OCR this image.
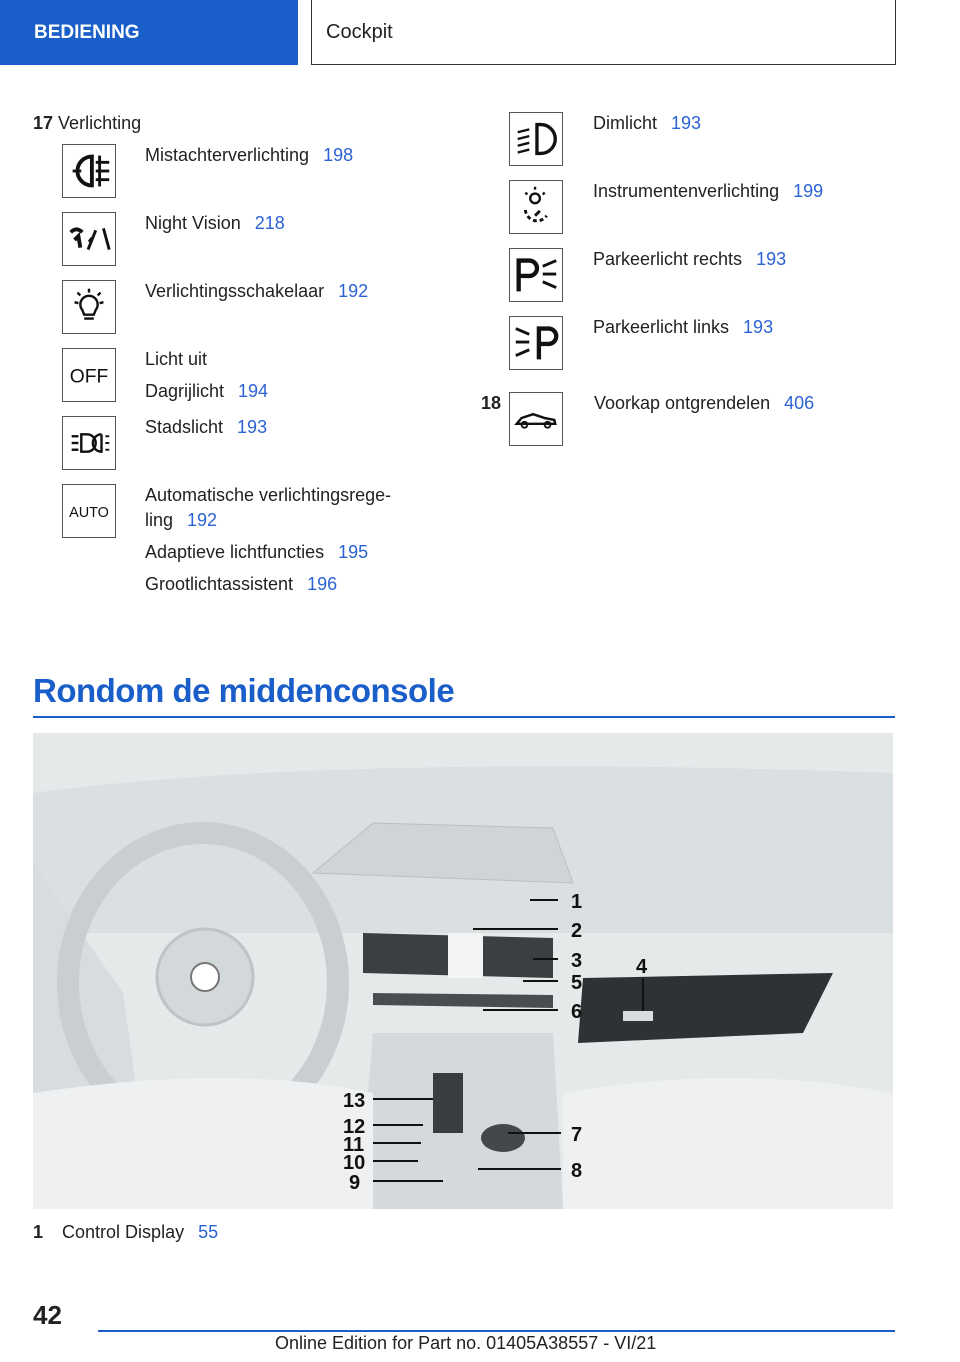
BEDIENING	Cockpit
17 Verlichting
Mistachterverlichting 198
Night Vision 218
Verlichtingsschakelaar 192
OFF
Licht uit
Dagrijlicht 194
Stadslicht 193
AUTO
Automatische verlichtingsrege-
ling 192
Adaptieve lichtfuncties 195
Grootlichtassistent 196
Dimlicht 193
Instrumentenverlichting 199
Parkeerlicht rechts 193
Parkeerlicht links 193
18	Voorkap ontgrendelen 406
Rondom de middenconsole
1
2
3	4
5
6
7
8
9
10
11
12
13
1 Control Display 55
42
Online Edition for Part no. 01405A38557 - VI/21
